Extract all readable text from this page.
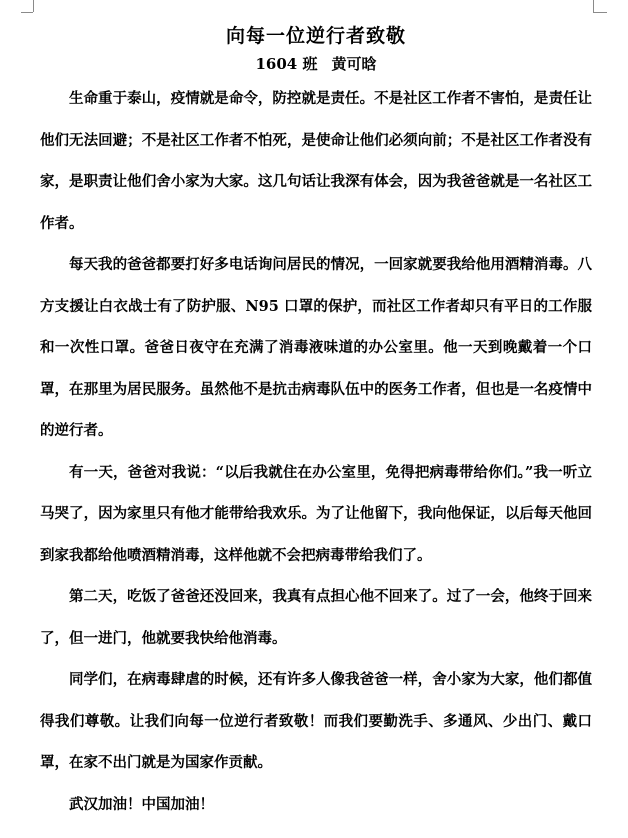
向每一位逆行者致敬
1604 班 黄可晗

生命重于泰山，疫情就是命令，防控就是责任。不是社区工作者不害怕，是责任让他们无法回避；不是社区工作者不怕死，是使命让他们必须向前；不是社区工作者没有家，是职责让他们舍小家为大家。这几句话让我深有体会，因为我爸爸就是一名社区工作者。

每天我的爸爸都要打好多电话询问居民的情况，一回家就要我给他用酒精消毒。八方支援让白衣战士有了防护服、N95 口罩的保护，而社区工作者却只有平日的工作服和一次性口罩。爸爸日夜守在充满了消毒液味道的办公室里。他一天到晚戴着一个口罩，在那里为居民服务。虽然他不是抗击病毒队伍中的医务工作者，但也是一名疫情中的逆行者。

有一天，爸爸对我说：“以后我就住在办公室里，免得把病毒带给你们。”我一听立马哭了，因为家里只有他才能带给我欢乐。为了让他留下，我向他保证，以后每天他回到家我都给他喷酒精消毒，这样他就不会把病毒带给我们了。

第二天，吃饭了爸爸还没回来，我真有点担心他不回来了。过了一会，他终于回来了，但一进门，他就要我快给他消毒。

同学们，在病毒肆虐的时候，还有许多人像我爸爸一样，舍小家为大家，他们都值得我们尊敬。让我们向每一位逆行者致敬！而我们要勤洗手、多通风、少出门、戴口罩，在家不出门就是为国家作贡献。

武汉加油！中国加油！
